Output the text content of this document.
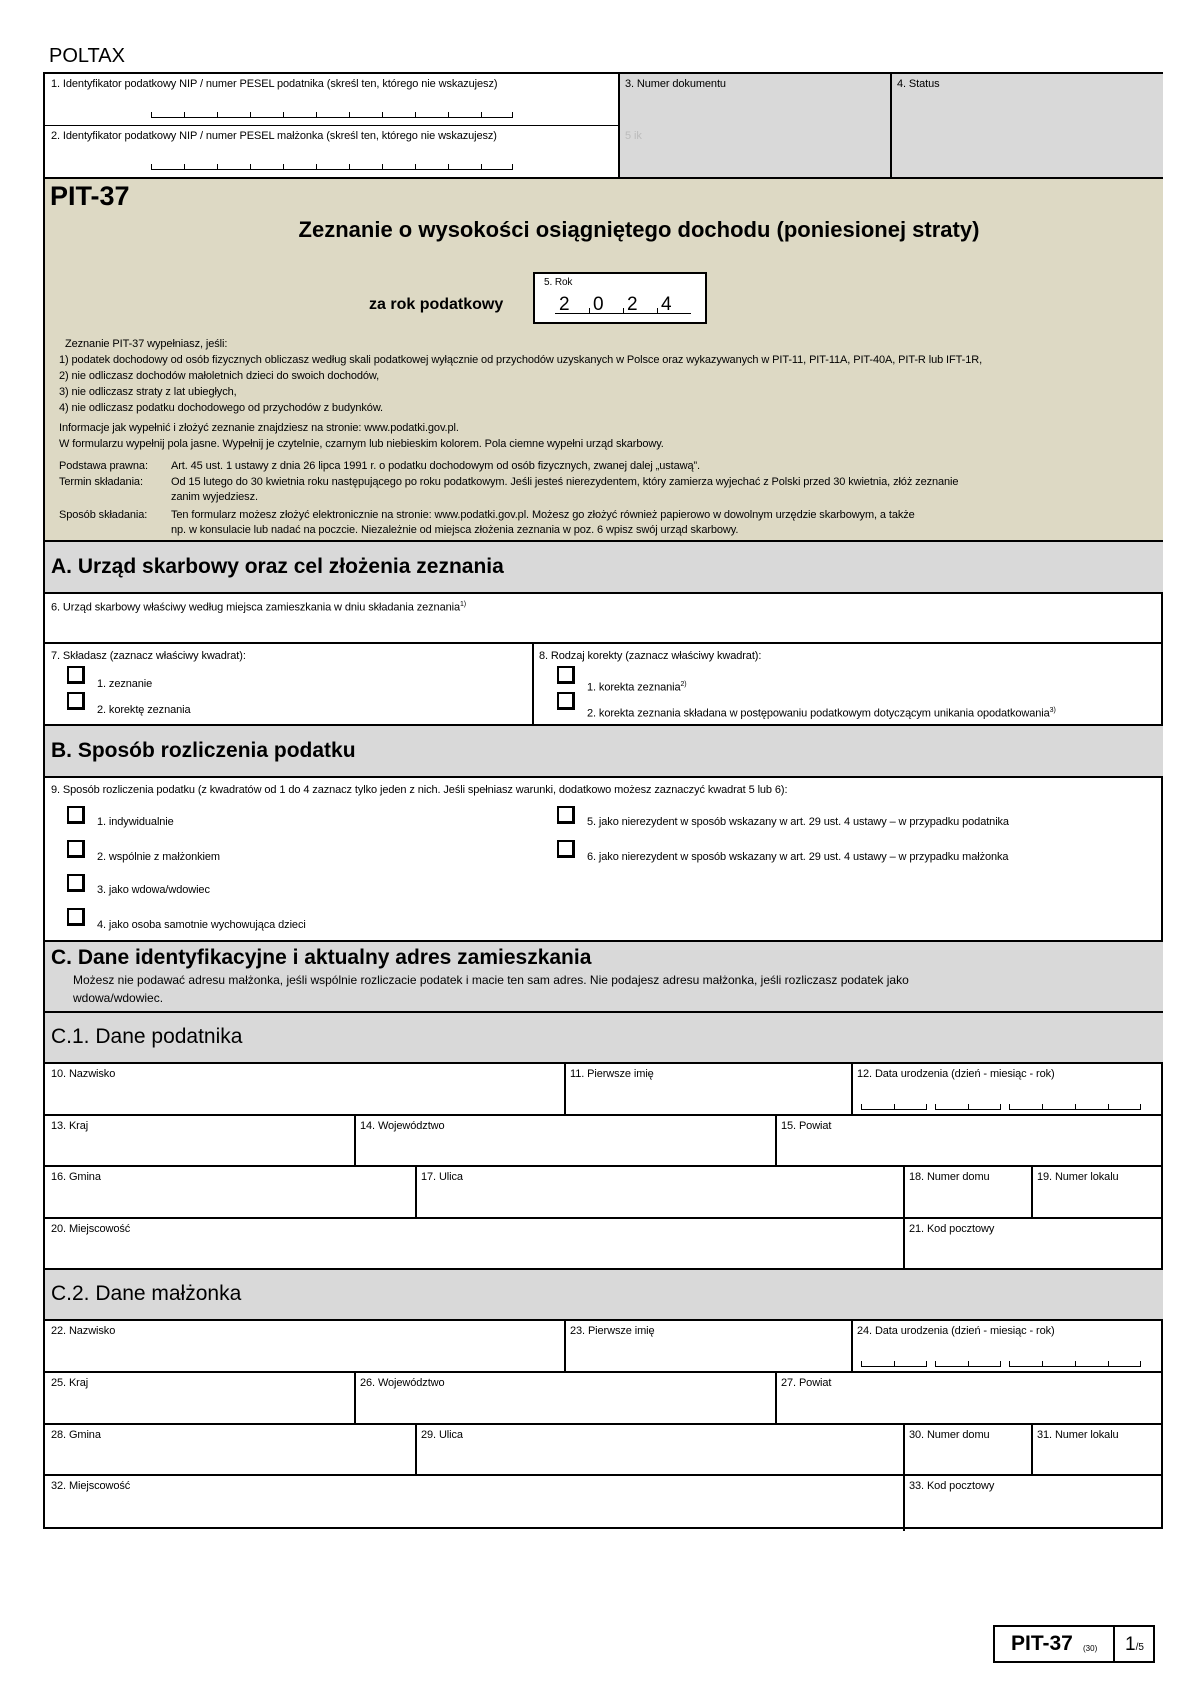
POLTAX
1. Identyfikator podatkowy NIP / numer PESEL podatnika (skreśl ten, którego nie wskazujesz)
2. Identyfikator podatkowy NIP / numer PESEL małżonka (skreśl ten, którego nie wskazujesz)
3. Numer dokumentu	4. Status
5 ik
PIT-37
Zeznanie o wysokości osiągniętego dochodu (poniesionej straty)
za rok podatkowy
5. Rok
2 0 2 4
Zeznanie PIT-37 wypełniasz, jeśli:
1) podatek dochodowy od osób fizycznych obliczasz według skali podatkowej wyłącznie od przychodów uzyskanych w Polsce oraz wykazywanych w PIT-11, PIT-11A, PIT-40A, PIT-R lub IFT-1R,
2) nie odliczasz dochodów małoletnich dzieci do swoich dochodów,
3) nie odliczasz straty z lat ubiegłych,
4) nie odliczasz podatku dochodowego od przychodów z budynków.
Informacje jak wypełnić i złożyć zeznanie znajdziesz na stronie: www.podatki.gov.pl.
W formularzu wypełnij pola jasne. Wypełnij je czytelnie, czarnym lub niebieskim kolorem. Pola ciemne wypełni urząd skarbowy.
Podstawa prawna: Art. 45 ust. 1 ustawy z dnia 26 lipca 1991 r. o podatku dochodowym od osób fizycznych, zwanej dalej „ustawą”.
Termin składania:	Od 15 lutego do 30 kwietnia roku następującego po roku podatkowym. Jeśli jesteś nierezydentem, który zamierza wyjechać z Polski przed 30 kwietnia, złóż zeznanie
zanim wyjedziesz.
Sposób składania: Ten formularz możesz złożyć elektronicznie na stronie: www.podatki.gov.pl. Możesz go złożyć również papierowo w dowolnym urzędzie skarbowym, a także
np. w konsulacie lub nadać na poczcie. Niezależnie od miejsca złożenia zeznania w poz. 6 wpisz swój urząd skarbowy.
A. Urząd skarbowy oraz cel złożenia zeznania
6. Urząd skarbowy właściwy według miejsca zamieszkania w dniu składania zeznania$^{1)}$
7. Składasz (zaznacz właściwy kwadrat):
1. zeznanie
2. korektę zeznania
8. Rodzaj korekty (zaznacz właściwy kwadrat):
1. korekta zeznania$^{2)}$
2. korekta zeznania składana w postępowaniu podatkowym dotyczącym unikania opodatkowania$^{3)}$
B. Sposób rozliczenia podatku
9. Sposób rozliczenia podatku (z kwadratów od 1 do 4 zaznacz tylko jeden z nich. Jeśli spełniasz warunki, dodatkowo możesz zaznaczyć kwadrat 5 lub 6):
1. indywidualnie
2. wspólnie z małżonkiem
3. jako wdowa/wdowiec
4. jako osoba samotnie wychowująca dzieci
5. jako nierezydent w sposób wskazany w art. 29 ust. 4 ustawy – w przypadku podatnika
6. jako nierezydent w sposób wskazany w art. 29 ust. 4 ustawy – w przypadku małżonka
C. Dane identyfikacyjne i aktualny adres zamieszkania
Możesz nie podawać adresu małżonka, jeśli wspólnie rozliczacie podatek i macie ten sam adres. Nie podajesz adresu małżonka, jeśli rozliczasz podatek jako
wdowa/wdowiec.
C.1. Dane podatnika
10. Nazwisko	11. Pierwsze imię	12. Data urodzenia (dzień - miesiąc - rok)
13. Kraj	14. Województwo	15. Powiat
16. Gmina	17. Ulica	18. Numer domu	19. Numer lokalu
20. Miejscowość	21. Kod pocztowy
C.2. Dane małżonka
22. Nazwisko	23. Pierwsze imię	24. Data urodzenia (dzień - miesiąc - rok)
25. Kraj	26. Województwo	27. Powiat
28. Gmina	29. Ulica	30. Numer domu	31. Numer lokalu
32. Miejscowość	33. Kod pocztowy
PIT-37 (30) 1/5
